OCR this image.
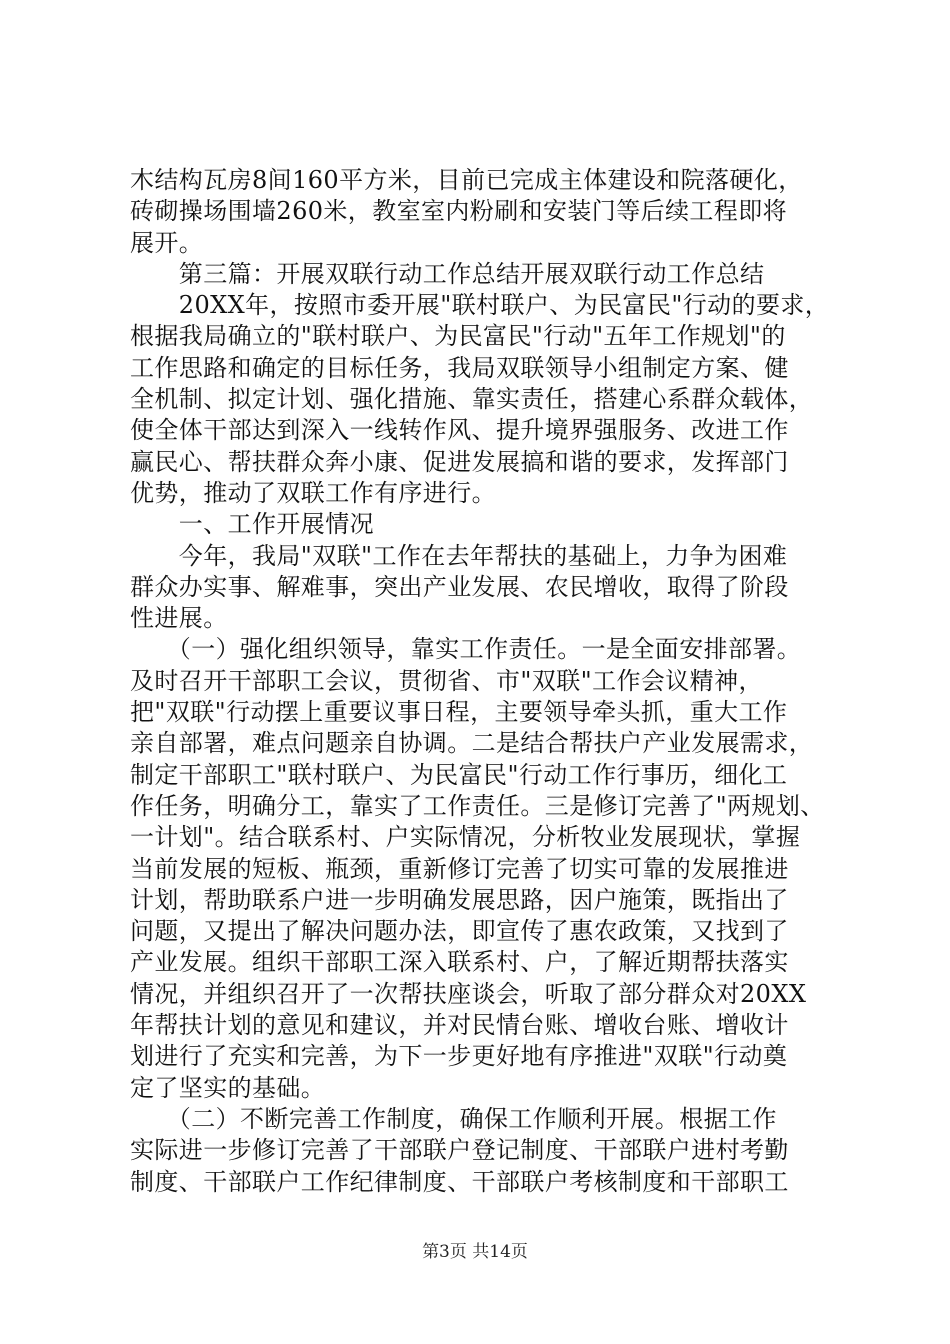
木结构瓦房8间160平方米，目前已完成主体建设和院落硬化，
砖砌操场围墙260米，教室室内粉刷和安装门等后续工程即将
展开。
　　第三篇：开展双联行动工作总结开展双联行动工作总结
　　20XX年，按照市委开展"联村联户、为民富民"行动的要求，
根据我局确立的"联村联户、为民富民"行动"五年工作规划"的
工作思路和确定的目标任务，我局双联领导小组制定方案、健
全机制、拟定计划、强化措施、靠实责任，搭建心系群众载体，
使全体干部达到深入一线转作风、提升境界强服务、改进工作
赢民心、帮扶群众奔小康、促进发展搞和谐的要求，发挥部门
优势，推动了双联工作有序进行。
　　一、工作开展情况
　　今年，我局"双联"工作在去年帮扶的基础上，力争为困难
群众办实事、解难事，突出产业发展、农民增收，取得了阶段
性进展。
　　（一）强化组织领导，靠实工作责任。一是全面安排部署。
及时召开干部职工会议，贯彻省、市"双联"工作会议精神，
把"双联"行动摆上重要议事日程，主要领导牵头抓，重大工作
亲自部署，难点问题亲自协调。二是结合帮扶户产业发展需求，
制定干部职工"联村联户、为民富民"行动工作行事历，细化工
作任务，明确分工，靠实了工作责任。三是修订完善了"两规划、
一计划"。结合联系村、户实际情况，分析牧业发展现状，掌握
当前发展的短板、瓶颈，重新修订完善了切实可靠的发展推进
计划，帮助联系户进一步明确发展思路，因户施策，既指出了
问题，又提出了解决问题办法，即宣传了惠农政策，又找到了
产业发展。组织干部职工深入联系村、户，了解近期帮扶落实
情况，并组织召开了一次帮扶座谈会，听取了部分群众对20XX
年帮扶计划的意见和建议，并对民情台账、增收台账、增收计
划进行了充实和完善，为下一步更好地有序推进"双联"行动奠
定了坚实的基础。
　　（二）不断完善工作制度，确保工作顺利开展。根据工作
实际进一步修订完善了干部联户登记制度、干部联户进村考勤
制度、干部联户工作纪律制度、干部联户考核制度和干部职工
第3页 共14页
